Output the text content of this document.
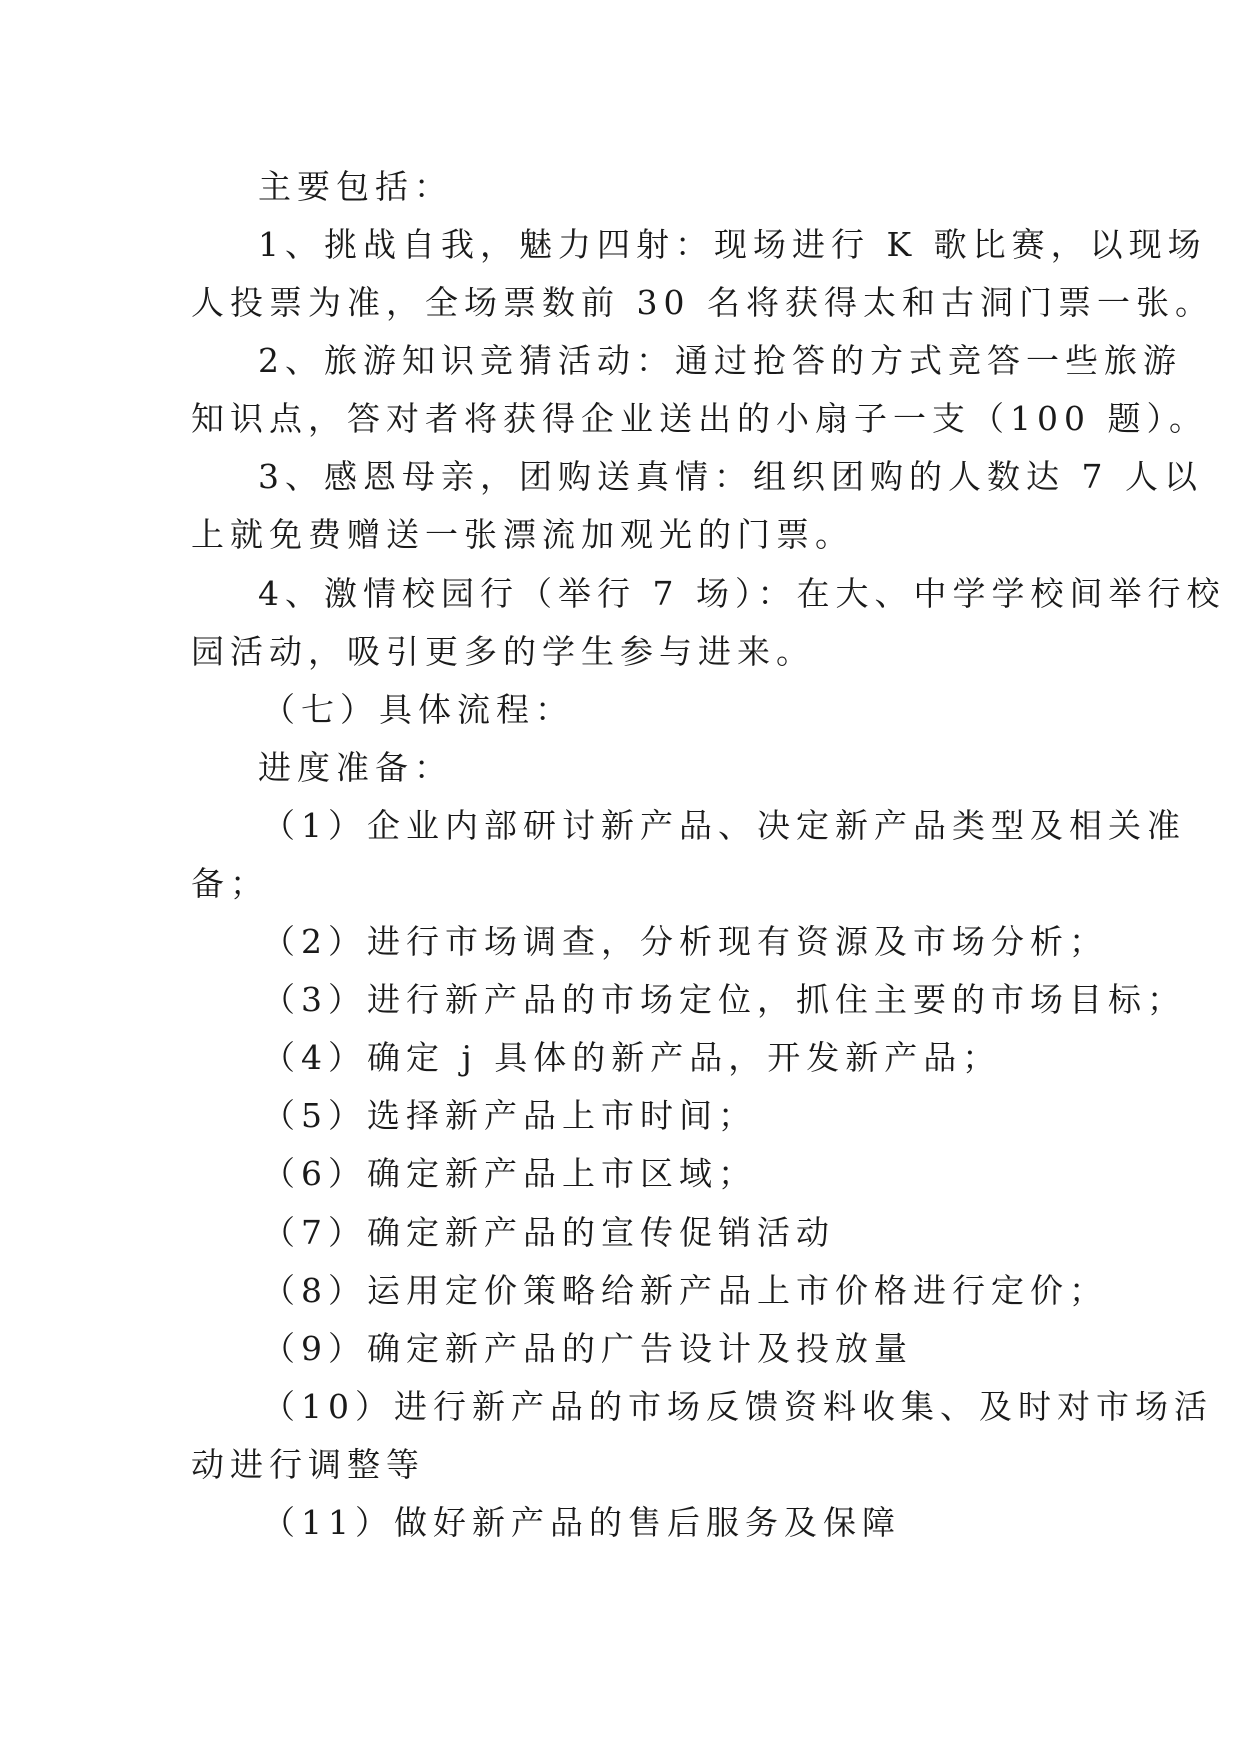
主要包括：

1、挑战自我，魅力四射：现场进行 K 歌比赛，以现场

人投票为准，全场票数前 30 名将获得太和古洞门票一张。

2、旅游知识竞猜活动：通过抢答的方式竞答一些旅游

知识点，答对者将获得企业送出的小扇子一支（100 题）。

3、感恩母亲，团购送真情：组织团购的人数达 7 人以

上就免费赠送一张漂流加观光的门票。

4、激情校园行（举行 7 场）：在大、中学学校间举行校

园活动，吸引更多的学生参与进来。

（七）具体流程：

进度准备：

（1）企业内部研讨新产品、决定新产品类型及相关准

备；

（2）进行市场调查，分析现有资源及市场分析；

（3）进行新产品的市场定位，抓住主要的市场目标；

（4）确定 j 具体的新产品，开发新产品；

（5）选择新产品上市时间；

（6）确定新产品上市区域；

（7）确定新产品的宣传促销活动

（8）运用定价策略给新产品上市价格进行定价；

（9）确定新产品的广告设计及投放量

（10）进行新产品的市场反馈资料收集、及时对市场活

动进行调整等

（11）做好新产品的售后服务及保障
